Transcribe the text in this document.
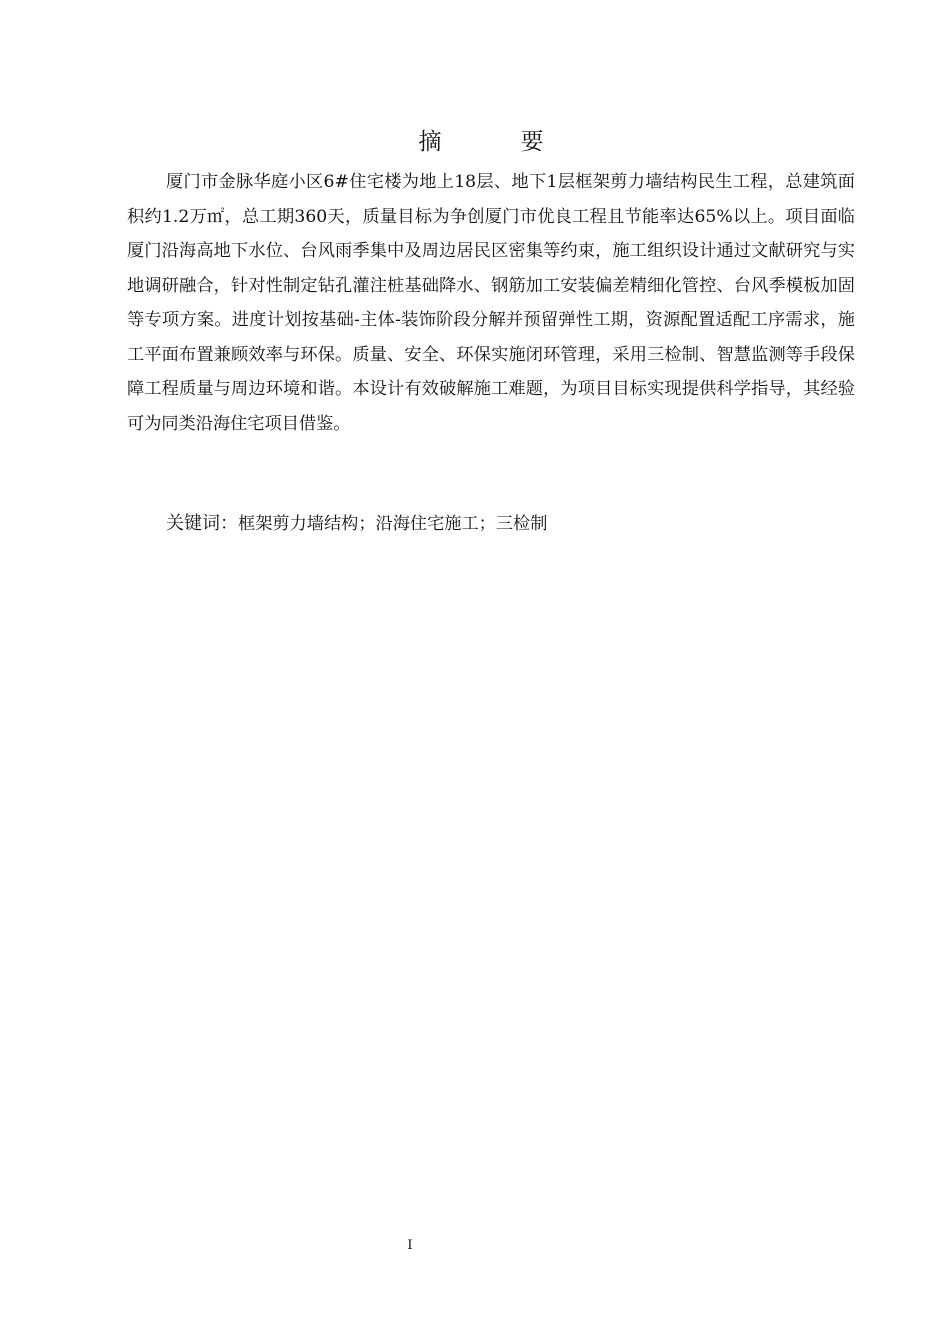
摘　要

厦门市金脉华庭小区6#住宅楼为地上18层、地下1层框架剪力墙结构民生工程，总建筑面积约1.2万㎡，总工期360天，质量目标为争创厦门市优良工程且节能率达65%以上。项目面临厦门沿海高地下水位、台风雨季集中及周边居民区密集等约束，施工组织设计通过文献研究与实地调研融合，针对性制定钻孔灌注桩基础降水、钢筋加工安装偏差精细化管控、台风季模板加固等专项方案。进度计划按基础-主体-装饰阶段分解并预留弹性工期，资源配置适配工序需求，施工平面布置兼顾效率与环保。质量、安全、环保实施闭环管理，采用三检制、智慧监测等手段保障工程质量与周边环境和谐。本设计有效破解施工难题，为项目目标实现提供科学指导，其经验可为同类沿海住宅项目借鉴。

关键词：框架剪力墙结构；沿海住宅施工；三检制
I
